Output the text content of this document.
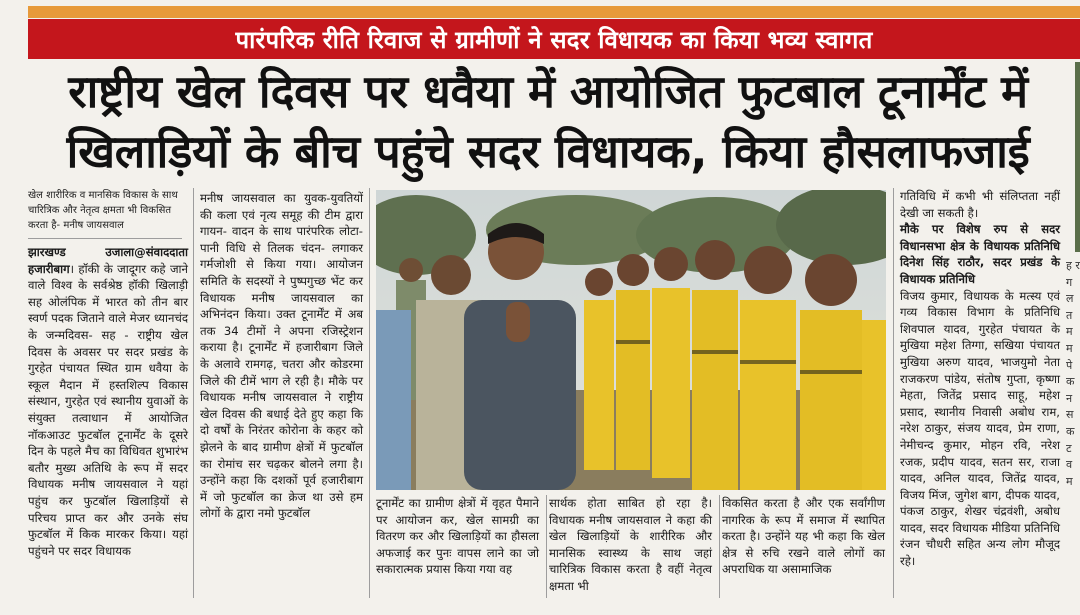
पारंपरिक रीति रिवाज से ग्रामीणों ने सदर विधायक का किया भव्य स्वागत
राष्ट्रीय खेल दिवस पर धवैया में आयोजित फुटबाल टूनार्मेंट में
खिलाड़ियों के बीच पहुंचे सदर विधायक, किया हौसलाफजाई
खेल शारीरिक व मानसिक विकास के साथ चारित्रिक और नेतृत्व क्षमता भी विकसित करता है- मनीष जायसवाल

झारखण्ड उजाला@संवाददाता हजारीबाग। हॉकी के जादूगर कहे जाने वाले विश्व के सर्वश्रेष्ठ हॉकी खिलाड़ी सह ओलंपिक में भारत को तीन बार स्वर्ण पदक जिताने वाले मेजर ध्यानचंद के जन्मदिवस- सह - राष्ट्रीय खेल दिवस के अवसर पर सदर प्रखंड के गुरहेत पंचायत स्थित ग्राम धवैया के स्कूल मैदान में हस्तशिल्प विकास संस्थान, गुरहेत एवं स्थानीय युवाओं के संयुक्त तत्वाधान में आयोजित नॉकआउट फुटबॉल टूनार्मेंट के दूसरे दिन के पहले मैच का विधिवत शुभारंभ बतौर मुख्य अतिथि के रूप में सदर विधायक मनीष जायसवाल ने यहां पहुंच कर फुटबॉल खिलाड़ियों से परिचय प्राप्त कर और उनके संघ फुटबॉल में किक मारकर किया। यहां पहुंचने पर सदर विधायक

मनीष जायसवाल का युवक-युवतियों की कला एवं नृत्य समूह की टीम द्वारा गायन- वादन के साथ पारंपरिक लोटा- पानी विधि से तिलक चंदन- लगाकर गर्मजोशी से किया गया। आयोजन समिति के सदस्यों ने पुष्पगुच्छ भेंट कर विधायक मनीष जायसवाल का अभिनंदन किया। उक्त टूनार्मेंट में अब तक 34 टीमों ने अपना रजिस्ट्रेशन कराया है। टूनार्मेंट में हजारीबाग जिले के अलावे रामगढ़, चतरा और कोडरमा जिले की टीमें भाग ले रही है। मौके पर विधायक मनीष जायसवाल ने राष्ट्रीय खेल दिवस की बधाई देते हुए कहा कि दो वर्षों के निरंतर कोरोना के कहर को झेलने के बाद ग्रामीण क्षेत्रों में फुटबॉल का रोमांच सर चढ़कर बोलने लगा है। उन्होंने कहा कि दशकों पूर्व हजारीबाग में जो फुटबॉल का क्रेज था उसे हम लोगों के द्वारा नमो फुटबॉल

टूनार्मेंट का ग्रामीण क्षेत्रों में वृहत पैमाने पर आयोजन कर, खेल सामग्री का वितरण कर और खिलाड़ियों का हौसला अफजाई कर पुनः वापस लाने का जो सकारात्मक प्रयास किया गया वह
सार्थक होता साबित हो रहा है। विधायक मनीष जायसवाल ने कहा की खेल खिलाड़ियों के शारीरिक और मानसिक स्वास्थ्य के साथ जहां चारित्रिक विकास करता है वहीं नेतृत्व क्षमता भी
विकसित करता है और एक सर्वांगीण नागरिक के रूप में समाज में स्थापित करता है। उन्होंने यह भी कहा कि खेल क्षेत्र से रुचि रखने वाले लोगों का अपराधिक या असामाजिक

गतिविधि में कभी भी संलिप्तता नहीं देखी जा सकती है।

मौके पर विशेष रुप से सदर विधानसभा क्षेत्र के विधायक प्रतिनिधि दिनेश सिंह राठौर, सदर प्रखंड के विधायक प्रतिनिधि

विजय कुमार, विधायक के मत्स्य एवं गव्य विकास विभाग के प्रतिनिधि शिवपाल यादव, गुरहेत पंचायत के मुखिया महेश तिग्गा, सखिया पंचायत मुखिया अरुण यादव, भाजयुमो नेता राजकरण पांडेय, संतोष गुप्ता, कृष्णा मेहता, जितेंद्र प्रसाद साहू, महेश प्रसाद, स्थानीय निवासी अबोध राम, नरेश ठाकुर, संजय यादव, प्रेम राणा, नेमीचन्द कुमार, मोहन रवि, नरेश रजक, प्रदीप यादव, सतन सर, राजा यादव, अनिल यादव, जितेंद्र यादव, विजय मिंज, जुगेश बाग, दीपक यादव, पंकज ठाकुर, शेखर चंद्रवंशी, अबोध यादव, सदर विधायक मीडिया प्रतिनिधि रंजन चौधरी सहित अन्य लोग मौजूद रहे।

ह र ग ल त म म पे क न स क ट व म
